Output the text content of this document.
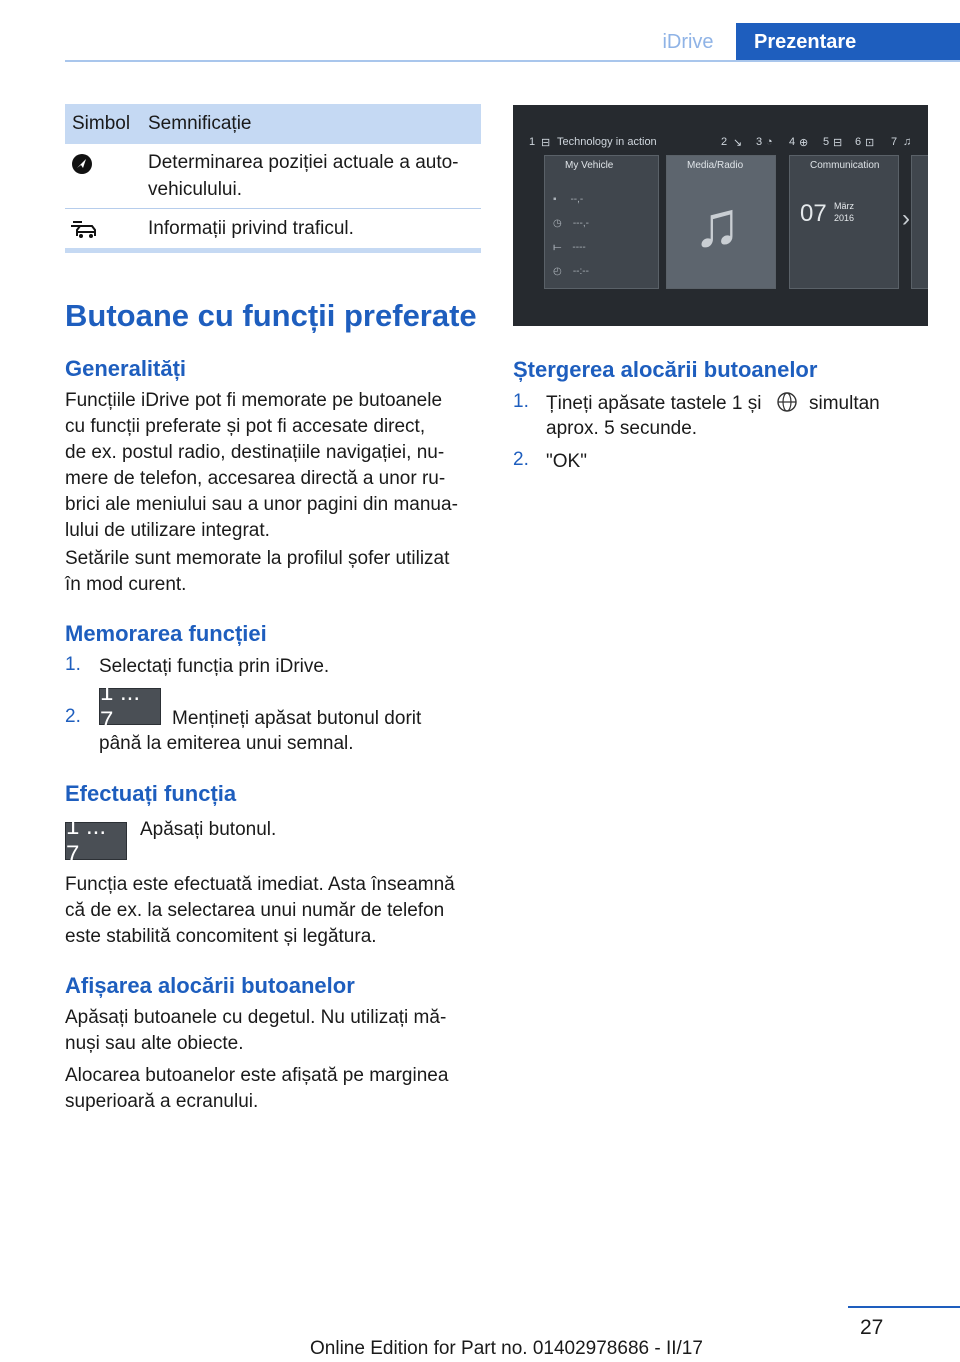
iDrive	Prezentare
Simbol Semnificație
Determinarea poziției actuale a auto‐
vehiculului.
Informații privind traficul.
Butoane cu funcții preferate
Generalități
Funcțiile iDrive pot fi memorate pe butoanele
cu funcții preferate și pot fi accesate direct,
de ex. postul radio, destinațiile navigației, nu‐
mere de telefon, accesarea directă a unor ru‐
brici ale meniului sau a unor pagini din manua‐
lului de utilizare integrat.
Setările sunt memorate la profilul șofer utilizat
în mod curent.
Memorarea funcției
1. Selectați funcția prin iDrive.
2.
1 ... 7	Mențineți apăsat butonul dorit
până la emiterea unui semnal.
Efectuați funcția
1 ... 7
Apăsați butonul.
Funcția este efectuată imediat. Asta înseamnă
că de ex. la selectarea unui număr de telefon
este stabilită concomitent și legătura.
Afișarea alocării butoanelor
Apăsați butoanele cu degetul. Nu utilizați mă‐
nuși sau alte obiecte.
Alocarea butoanelor este afișată pe marginea
superioară a ecranului.
1 ⊟ Technology in action	2 ↘ 3 ◔ 4 ⊕ 5 ⊟ 6 ⊡ 7 ♫
My Vehicle
▪     --,-
◷    ---,-
⟝    ----
◴    --:--
Media/Radio
♫
Communication
07 März
2016 ›
Ștergerea alocării butoanelor
1. Țineți apăsate tastele 1 și	simultan
aprox. 5 secunde.
2. "OK"
27
Online Edition for Part no. 01402978686 - II/17
